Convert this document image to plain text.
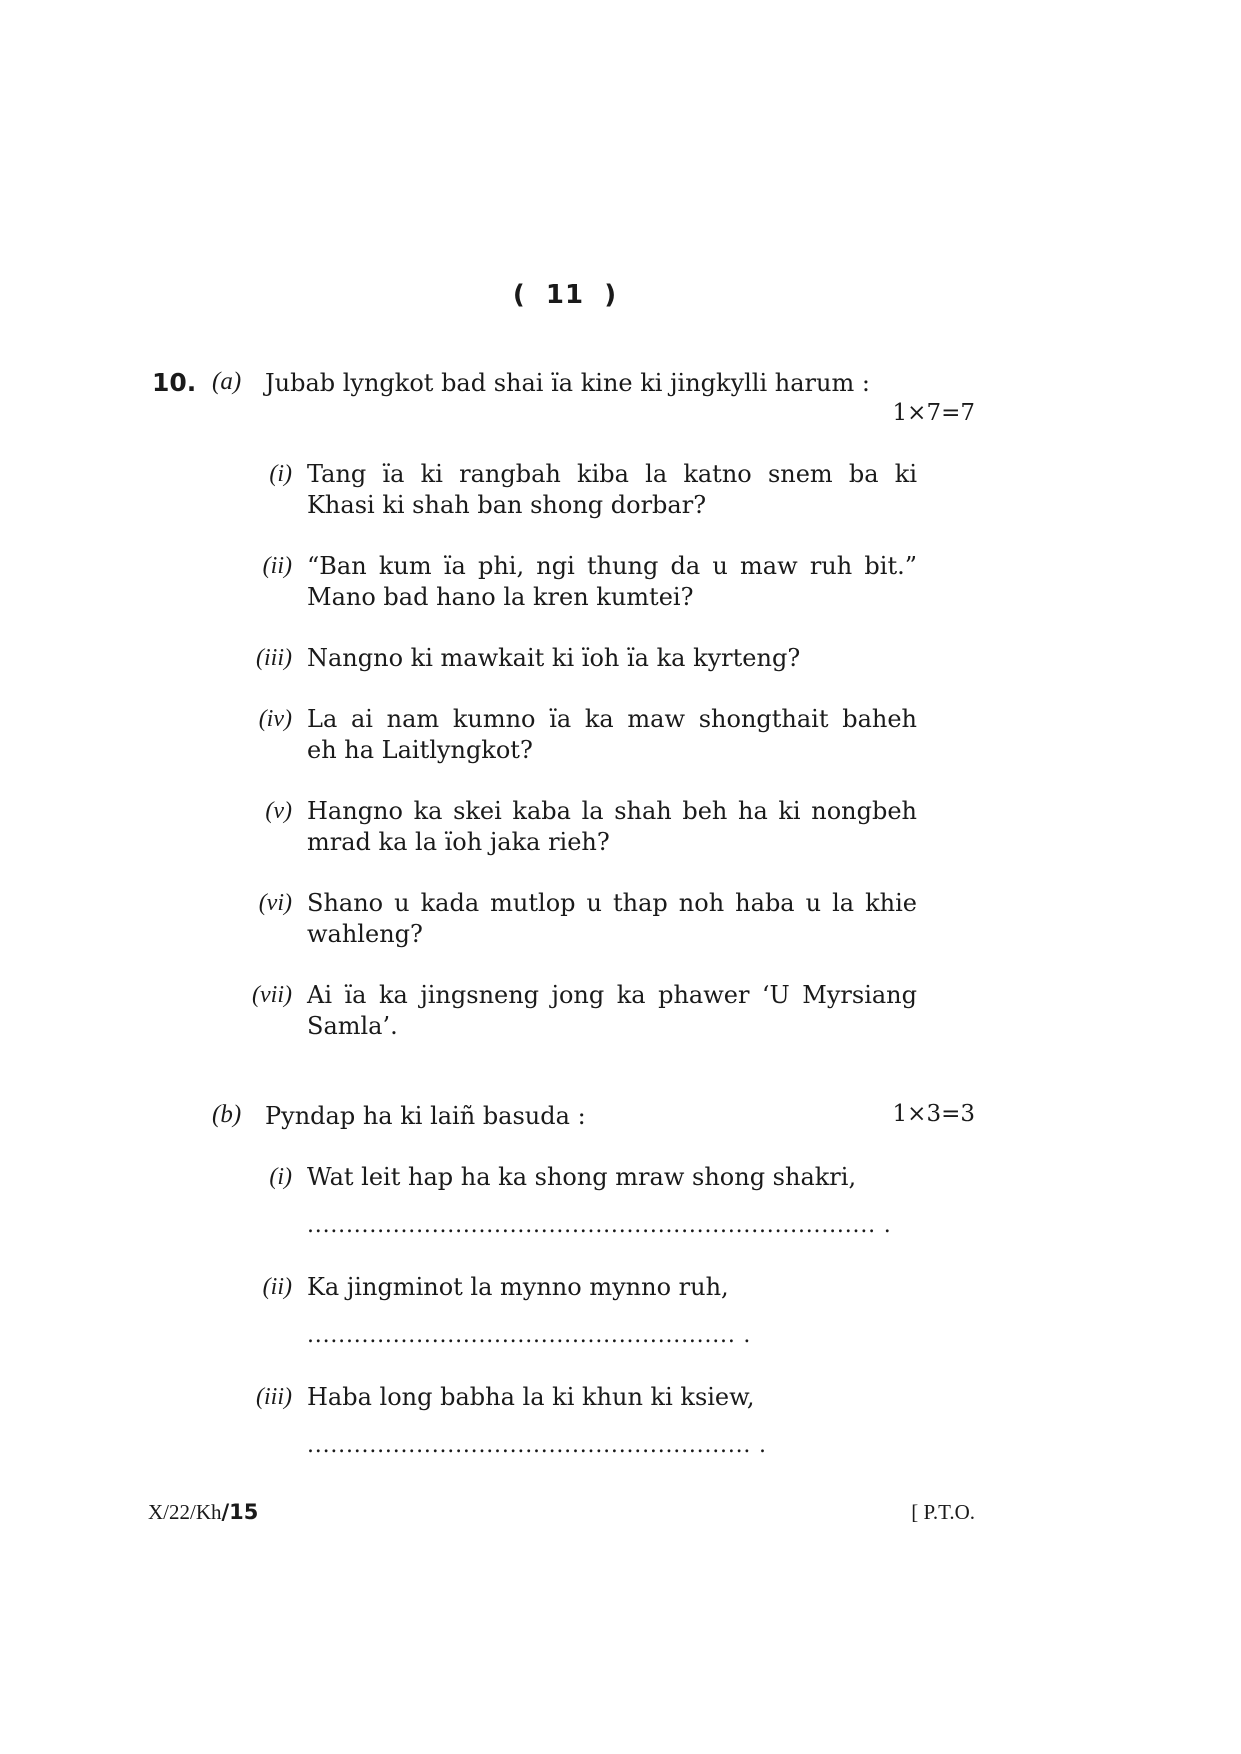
(  11  )
10. (a) Jubab lyngkot bad shai ïa kine ki jingkylli harum :
1×7=7
(i) Tang ïa ki rangbah kiba la katno snem ba ki
Khasi ki shah ban shong dorbar?
(ii) “Ban kum ïa phi, ngi thung da u maw ruh bit.”
Mano bad hano la kren kumtei?
(iii) Nangno ki mawkait ki ïoh ïa ka kyrteng?
(iv) La ai nam kumno ïa ka maw shongthait baheh
eh ha Laitlyngkot?
(v) Hangno ka skei kaba la shah beh ha ki nongbeh
mrad ka la ïoh jaka rieh?
(vi) Shano u kada mutlop u thap noh haba u la khie
wahleng?
(vii) Ai ïa ka jingsneng jong ka phawer ‘U Myrsiang
Samla’.
(b) Pyndap ha ki laiñ basuda :	1×3=3
(i) Wat leit hap ha ka shong mraw shong shakri,
......................................................................... .
(ii) Ka jingminot la mynno mynno ruh,
....................................................... .
(iii) Haba long babha la ki khun ki ksiew,
......................................................... .
X/22/Kh/15	[ P.T.O.
